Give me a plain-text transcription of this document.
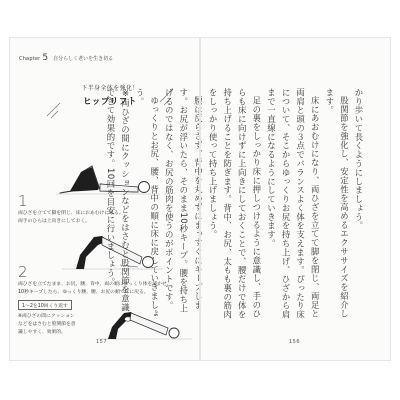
Chapter 5 自分らしく老いを生き切る
下半身全体を強化！
ヒップリフト
1
両ひざを立てて脚を閉じ、床におあむけになる。
両手のひらは上向きにしておく。
2
両ひざを立てたまま、お尻、腰、背中、両の順にゆっくり体を浮かせ、
10秒キープしたら、ゆっくり腰、腰、お尻の順で床に戻る。
1〜2を10回くり返す
※両ひざの間にクッション
などをはさむと股関節を意
識しやすく、効果的。
157

かり歩いて長くようにしましょう。

股関節を強化し、安定性を高めるエクササイズを紹介します。

床にあおむけになり、両ひざを立てて脚を閉じ、両足と両肩と頭の３点でバランスよく体を支えます。ぴったり床について、そこからゆっくりお尻を持ち上げ、ひざから肩まで一直線になるようにしていきます。

足の裏をしっかり床に押しつけるように意識し、手のひらも床に向けずに上向きにしておくことで、腰だけで体を持ち上げることを防ぎます。背中、お尻、太もも裏の筋肉をしっかり使って持ち上げましょう。

す。お尻が浮いたら、そのまま10秒キープ。腰を持ち上げるのではなく、お尻の筋肉を使うのがポイントです。

ゆっくりとお尻、腰、背中の順に床に戻していきましょう。

※両ひざの間にクッションなどをはさむと股関節を意識できて効果的です。10回を目安に行いましょう。

156
